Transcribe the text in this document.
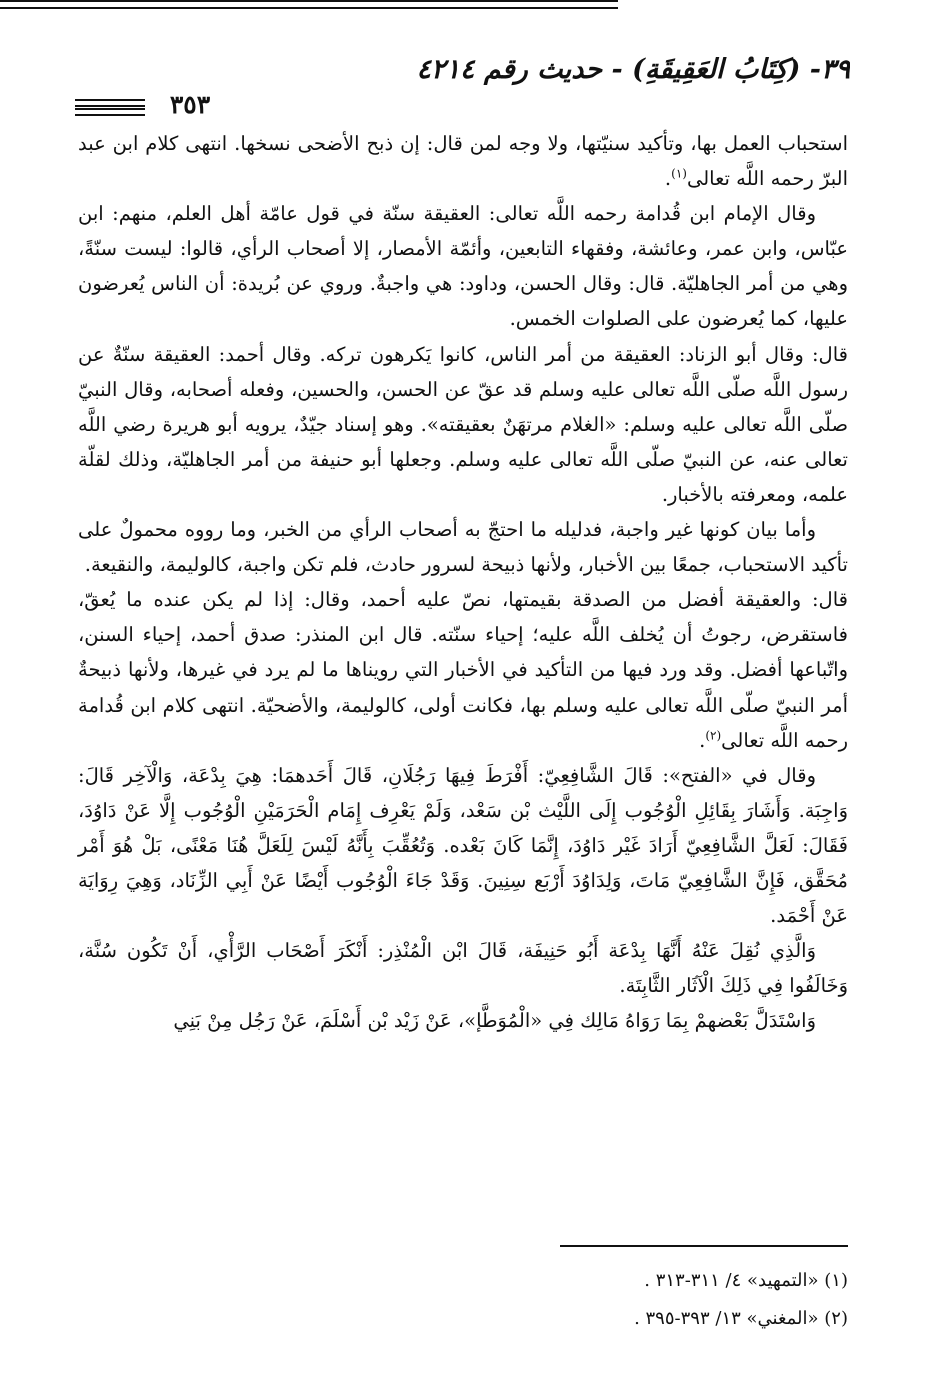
٣٩- (كِتَابُ العَقِيقَةِ) - حديث رقم ٤٢١٤
٣٥٣

استحباب العمل بها، وتأكيد سنيّتها، ولا وجه لمن قال: إن ذبح الأضحى نسخها. انتهى كلام ابن عبد البرّ رحمه اللَّه تعالى$^{(١)}$.

وقال الإمام ابن قُدامة رحمه اللَّه تعالى: العقيقة سنّة في قول عامّة أهل العلم، منهم: ابن عبّاس، وابن عمر، وعائشة، وفقهاء التابعين، وأئمّة الأمصار، إلا أصحاب الرأي، قالوا: ليست سنّةً، وهي من أمر الجاهليّة. قال: وقال الحسن، وداود: هي واجبةٌ. وروي عن بُريدة: أن الناس يُعرضون عليها، كما يُعرضون على الصلوات الخمس.

قال: وقال أبو الزناد: العقيقة من أمر الناس، كانوا يَكرهون تركه. وقال أحمد: العقيقة سنّةٌ عن رسول اللَّه صلّى اللَّه تعالى عليه وسلم قد عقّ عن الحسن، والحسين، وفعله أصحابه، وقال النبيّ صلّى اللَّه تعالى عليه وسلم: «الغلام مرتهَنٌ بعقيقته». وهو إسناد جيّدٌ، يرويه أبو هريرة رضي اللَّه تعالى عنه، عن النبيّ صلّى اللَّه تعالى عليه وسلم. وجعلها أبو حنيفة من أمر الجاهليّة، وذلك لقلّة علمه، ومعرفته بالأخبار.

وأما بيان كونها غير واجبة، فدليله ما احتجّ به أصحاب الرأي من الخبر، وما رووه محمولٌ على تأكيد الاستحباب، جمعًا بين الأخبار، ولأنها ذبيحة لسرور حادث، فلم تكن واجبة، كالوليمة، والنقيعة.

قال: والعقيقة أفضل من الصدقة بقيمتها، نصّ عليه أحمد، وقال: إذا لم يكن عنده ما يُعقّ، فاستقرض، رجوتُ أن يُخلف اللَّه عليه؛ إحياء سنّته. قال ابن المنذر: صدق أحمد، إحياء السنن، واتّباعها أفضل. وقد ورد فيها من التأكيد في الأخبار التي رويناها ما لم يرد في غيرها، ولأنها ذبيحةٌ أمر النبيّ صلّى اللَّه تعالى عليه وسلم بها، فكانت أولى، كالوليمة، والأضحيّة. انتهى كلام ابن قُدامة رحمه اللَّه تعالى$^{(٢)}$.

وقال في «الفتح»: قَالَ الشَّافِعِيّ: أَفْرَطَ فِيهَا رَجُلَانِ، قَالَ أَحَدهمَا: هِيَ بِدْعَة، وَالْآخِر قَالَ: وَاجِبَة. وَأَشَارَ بِقَائِلِ الْوُجُوب إِلَى اللَّيْث بْن سَعْد، وَلَمْ يَعْرِف إِمَام الْحَرَمَيْنِ الْوُجُوب إِلَّا عَنْ دَاوُدَ، فَقَالَ: لَعَلَّ الشَّافِعِيّ أَرَادَ غَيْر دَاوُدَ، إِنَّمَا كَانَ بَعْده. وَتُعُقِّبَ بِأَنَّهُ لَيْسَ لِلَعَلَّ هُنَا مَعْنًى، بَلْ هُوَ أَمْر مُحَقَّق، فَإِنَّ الشَّافِعِيّ مَاتَ، وَلِدَاوُدَ أَرْبَع سِنِينَ. وَقَدْ جَاءَ الْوُجُوب أَيْضًا عَنْ أَبِي الزِّنَاد، وَهِيَ رِوَايَة عَنْ أَحْمَد.

وَالَّذِي نُقِلَ عَنْهُ أَنَّهَا بِدْعَة أَبُو حَنِيفَة، قَالَ ابْن الْمُنْذِر: أَنْكَرَ أَصْحَاب الرَّأْي، أَنْ تَكُون سُنَّة، وَخَالَفُوا فِي ذَلِكَ الْآثَار الثَّابِتَة.

وَاسْتَدَلَّ بَعْضهمْ بِمَا رَوَاهُ مَالِك فِي «الْمُوَطَّإ»، عَنْ زَيْد بْن أَسْلَمَ، عَنْ رَجُل مِنْ بَنِي

(١) «التمهيد» ٤/ ٣١١-٣١٣ .
(٢) «المغني» ١٣/ ٣٩٣-٣٩٥ .
